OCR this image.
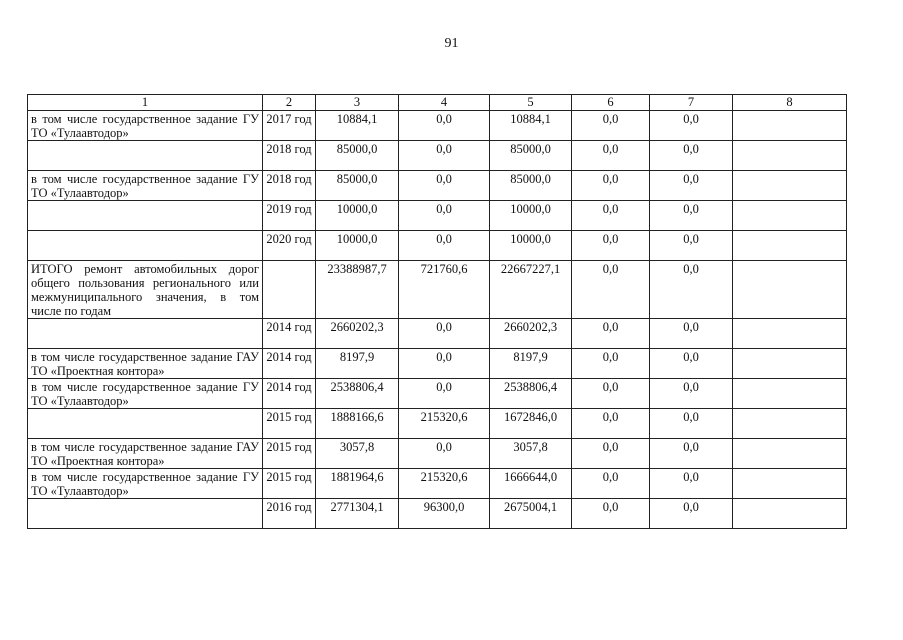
91
1	2	3	4	5	6	7	8
в том числе государственное задание ГУ ТО «Тулаавтодор»	2017 год	10884,1	0,0	10884,1	0,0	0,0	
	2018 год	85000,0	0,0	85000,0	0,0	0,0	
в том числе государственное задание ГУ ТО «Тулаавтодор»	2018 год	85000,0	0,0	85000,0	0,0	0,0	
	2019 год	10000,0	0,0	10000,0	0,0	0,0	
	2020 год	10000,0	0,0	10000,0	0,0	0,0	
ИТОГО ремонт автомобильных дорог общего пользования регионального или межмуниципального значения, в том числе по годам		23388987,7	721760,6	22667227,1	0,0	0,0	
	2014 год	2660202,3	0,0	2660202,3	0,0	0,0	
в том числе государственное задание ГАУ ТО «Проектная контора»	2014 год	8197,9	0,0	8197,9	0,0	0,0	
в том числе государственное задание ГУ ТО «Тулаавтодор»	2014 год	2538806,4	0,0	2538806,4	0,0	0,0	
	2015 год	1888166,6	215320,6	1672846,0	0,0	0,0	
в том числе государственное задание ГАУ ТО «Проектная контора»	2015 год	3057,8	0,0	3057,8	0,0	0,0	
в том числе государственное задание ГУ ТО «Тулаавтодор»	2015 год	1881964,6	215320,6	1666644,0	0,0	0,0	
	2016 год	2771304,1	96300,0	2675004,1	0,0	0,0	
